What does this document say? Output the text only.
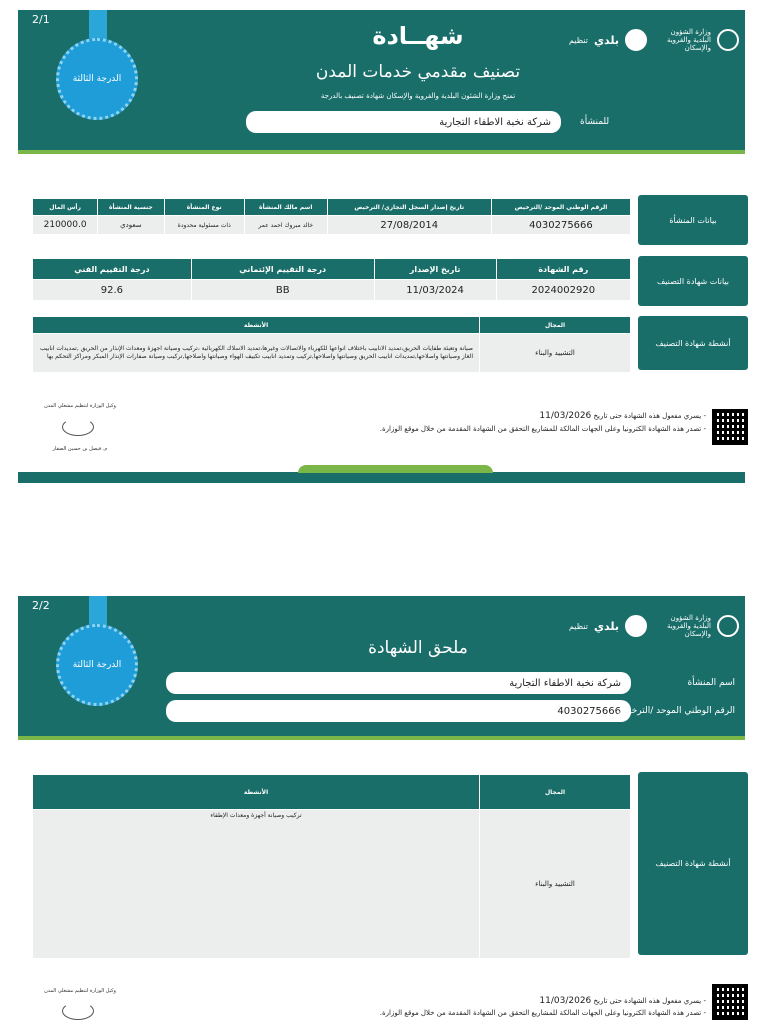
2/1
الدرجة الثالثة
وزارة الشؤون البلدية والقروية والإسكان
بلدي
تنظيم
شهــادة
تصنيف مقدمي خدمات المدن
تمنح وزارة الشئون البلدية والقروية والإسكان شهادة تصنيف بالدرجة
شركة نخبة الاطفاء التجارية	للمنشأة
رأس المال	جنسية المنشأة	نوع المنشأة	اسم مالك المنشأة	تاريخ إصدار السجل التجاري/ الترخيص	الرقم الوطني الموحد /الترخيص
210000.0	سعودي	ذات مسئولية محدودة	خالد مبروك احمد عمر	27/08/2014	4030275666	بيانات المنشأة
درجة التقييم الفني	درجة التقييم الإئتماني	تاريخ الإصدار	رقم الشهادة
92.6	BB	11/03/2024	2024002920
بيانات شهادة التصنيف
الأنشطة	المجال
صيانة وتعبئة طفايات الحريق،تمديد الانابيب باختلاف انواعها للكهرباء والاتصالات وغيرها،تمديد الاسلاك الكهربائية ،تركيب وصيانة اجهزة ومعدات الإنذار من الحريق ,تمديدات انابيب الغاز وصيانتها واصلاحها,تمديدات انابيب الحريق وصيانتها واصلاحها,تركيب وتمديد انابيب تكييف الهواء وصيانتها واصلاحها,تركيب وصيانة صفارات الإنذار المبكر ومراكز التحكم بها	التشييد والبناء
أنشطة شهادة التصنيف
- يسري مفعول هذه الشهادة حتى تاريخ 11/03/2026
- تصدر هذه الشهادة الكترونيا وعلى الجهات المالكة للمشاريع التحقق من الشهادة المقدمة من خلال موقع الوزارة.
وكيل الوزارة لتنظيم مشغلي المدن
م. فيصل بن حسين الصقار
2/2
الدرجة الثالثة
وزارة الشؤون البلدية والقروية والإسكان
بلدي
تنظيم
ملحق الشهادة
شركة نخبة الاطفاء التجارية	اسم المنشأة
4030275666
الرقم الوطني الموحد /الترخيص
الأنشطة	المجال
تركيب وصيانة أجهزة ومعدات الإطفاء	التشييد والبناء
أنشطة شهادة التصنيف
- يسري مفعول هذه الشهادة حتى تاريخ 11/03/2026
- تصدر هذه الشهادة الكترونيا وعلى الجهات المالكة للمشاريع التحقق من الشهادة المقدمة من خلال موقع الوزارة.
وكيل الوزارة لتنظيم مشغلي المدن
